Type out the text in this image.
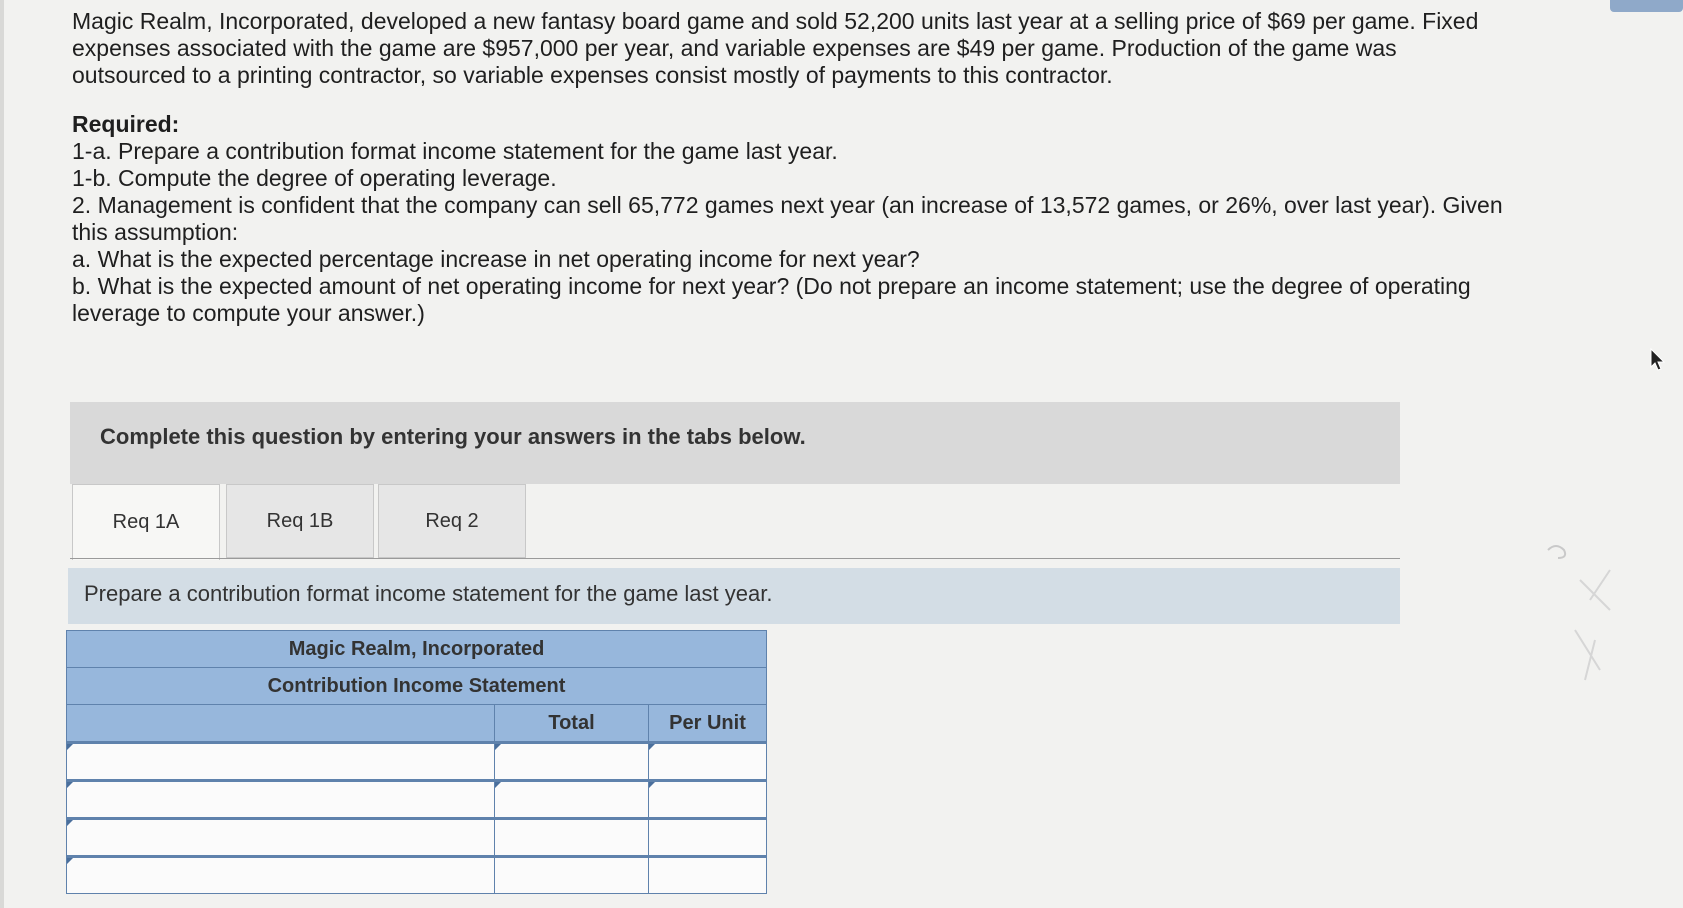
Magic Realm, Incorporated, developed a new fantasy board game and sold 52,200 units last year at a selling price of $69 per game. Fixed expenses associated with the game are $957,000 per year, and variable expenses are $49 per game. Production of the game was outsourced to a printing contractor, so variable expenses consist mostly of payments to this contractor.

Required:

1-a. Prepare a contribution format income statement for the game last year.

1-b. Compute the degree of operating leverage.

2. Management is confident that the company can sell 65,772 games next year (an increase of 13,572 games, or 26%, over last year). Given this assumption:

a. What is the expected percentage increase in net operating income for next year?

b. What is the expected amount of net operating income for next year? (Do not prepare an income statement; use the degree of operating leverage to compute your answer.)

Complete this question by entering your answers in the tabs below.
Req 1A	Req 1B	Req 2
Prepare a contribution format income statement for the game last year.
Magic Realm, Incorporated		
Contribution Income Statement		
	Total	Per Unit
